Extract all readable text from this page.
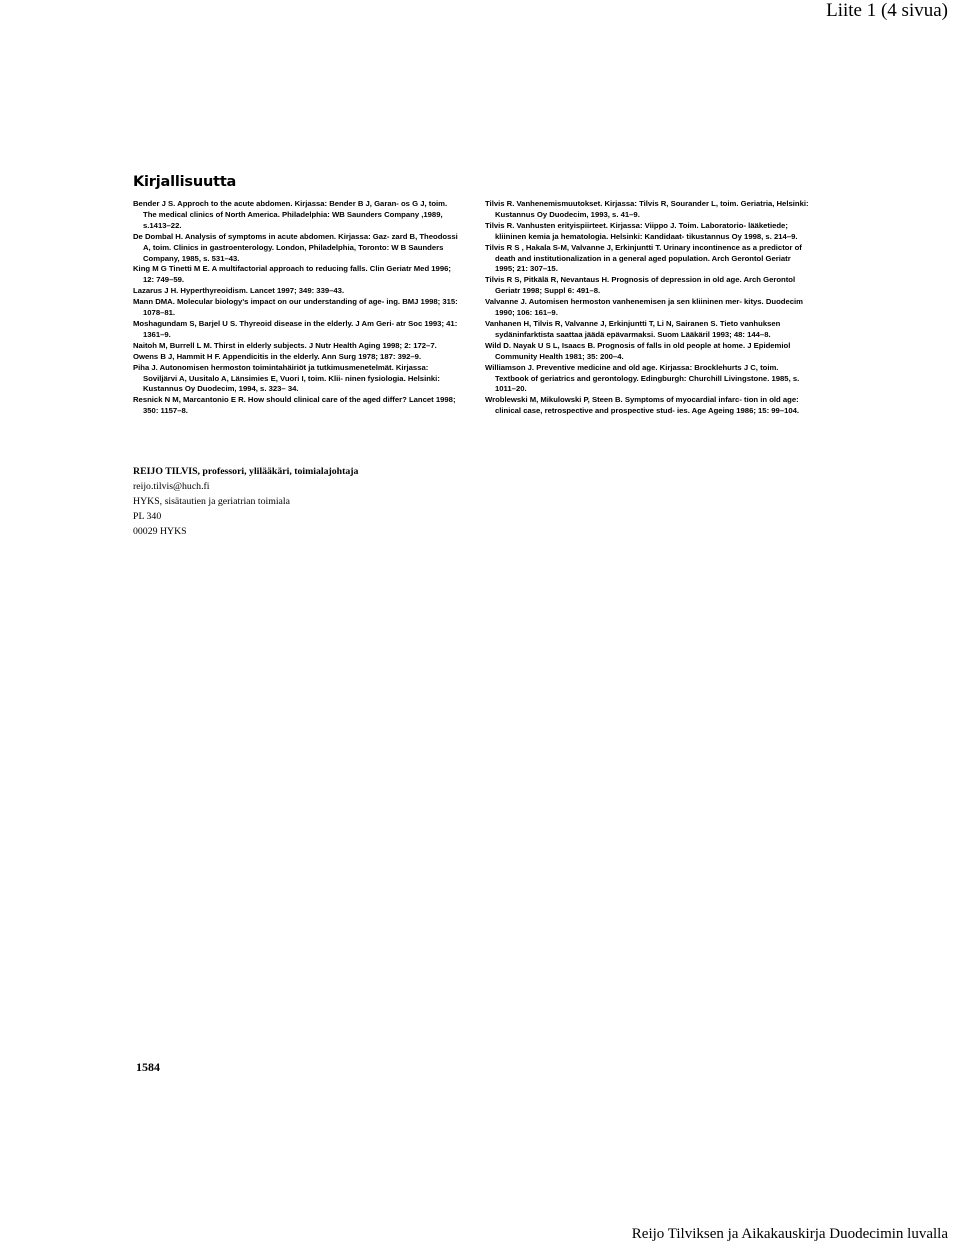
Liite 1 (4 sivua)
Kirjallisuutta

Bender J S. Approch to the acute abdomen. Kirjassa: Bender B J, Garan- os G J, toim. The medical clinics of North America. Philadelphia: WB Saunders Company ,1989, s.1413–22.

De Dombal H. Analysis of symptoms in acute abdomen. Kirjassa: Gaz- zard B, Theodossi A, toim. Clinics in gastroenterology. London, Philadelphia, Toronto: W B Saunders Company, 1985, s. 531–43.

King M G Tinetti M E. A multifactorial approach to reducing falls. Clin Geriatr Med 1996; 12: 749–59.

Lazarus J H. Hyperthyreoidism. Lancet 1997; 349: 339–43.

Mann DMA. Molecular biology's impact on our understanding of age- ing. BMJ 1998; 315: 1078–81.

Moshagundam S, Barjel U S. Thyreoid disease in the elderly. J Am Geri- atr Soc 1993; 41: 1361–9.

Naitoh M, Burrell L M. Thirst in elderly subjects. J Nutr Health Aging 1998; 2: 172–7.

Owens B J, Hammit H F. Appendicitis in the elderly. Ann Surg 1978; 187: 392–9.

Piha J. Autonomisen hermoston toimintahäiriöt ja tutkimusmenetelmät. Kirjassa: Soviljärvi A, Uusitalo A, Länsimies E, Vuori I, toim. Klii- ninen fysiologia. Helsinki: Kustannus Oy Duodecim, 1994, s. 323– 34.

Resnick N M, Marcantonio E R. How should clinical care of the aged differ? Lancet 1998; 350: 1157–8.

Tilvis R. Vanhenemismuutokset. Kirjassa: Tilvis R, Sourander L, toim. Geriatria, Helsinki: Kustannus Oy Duodecim, 1993, s. 41–9.

Tilvis R. Vanhusten erityispiirteet. Kirjassa: Viippo J. Toim. Laboratorio- lääketiede; kliininen kemia ja hematologia. Helsinki: Kandidaat- tikustannus Oy 1998, s. 214–9.

Tilvis R S , Hakala S-M, Valvanne J, Erkinjuntti T. Urinary incontinence as a predictor of death and institutionalization in a general aged population. Arch Gerontol Geriatr 1995; 21: 307–15.

Tilvis R S, Pitkälä R, Nevantaus H. Prognosis of depression in old age. Arch Gerontol Geriatr 1998; Suppl 6: 491–8.

Valvanne J. Automisen hermoston vanhenemisen ja sen kliininen mer- kitys. Duodecim 1990; 106: 161–9.

Vanhanen H, Tilvis R, Valvanne J, Erkinjuntti T, Li N, Sairanen S. Tieto vanhuksen sydäninfarktista saattaa jäädä epävarmaksi. Suom Lääkäril 1993; 48: 144–8.

Wild D. Nayak U S L, Isaacs B. Prognosis of falls in old people at home. J Epidemiol Community Health 1981; 35: 200–4.

Williamson J. Preventive medicine and old age. Kirjassa: Brocklehurts J C, toim. Textbook of geriatrics and gerontology. Edingburgh: Churchill Livingstone. 1985, s. 1011–20.

Wroblewski M, Mikulowski P, Steen B. Symptoms of myocardial infarc- tion in old age: clinical case, retrospective and prospective stud- ies. Age Ageing 1986; 15: 99–104.

REIJO TILVIS, professori, ylilääkäri, toimialajohtaja
reijo.tilvis@huch.fi
HYKS, sisätautien ja geriatrian toimiala
PL 340
00029 HYKS
1584
Reijo Tilviksen ja Aikakauskirja Duodecimin luvalla
